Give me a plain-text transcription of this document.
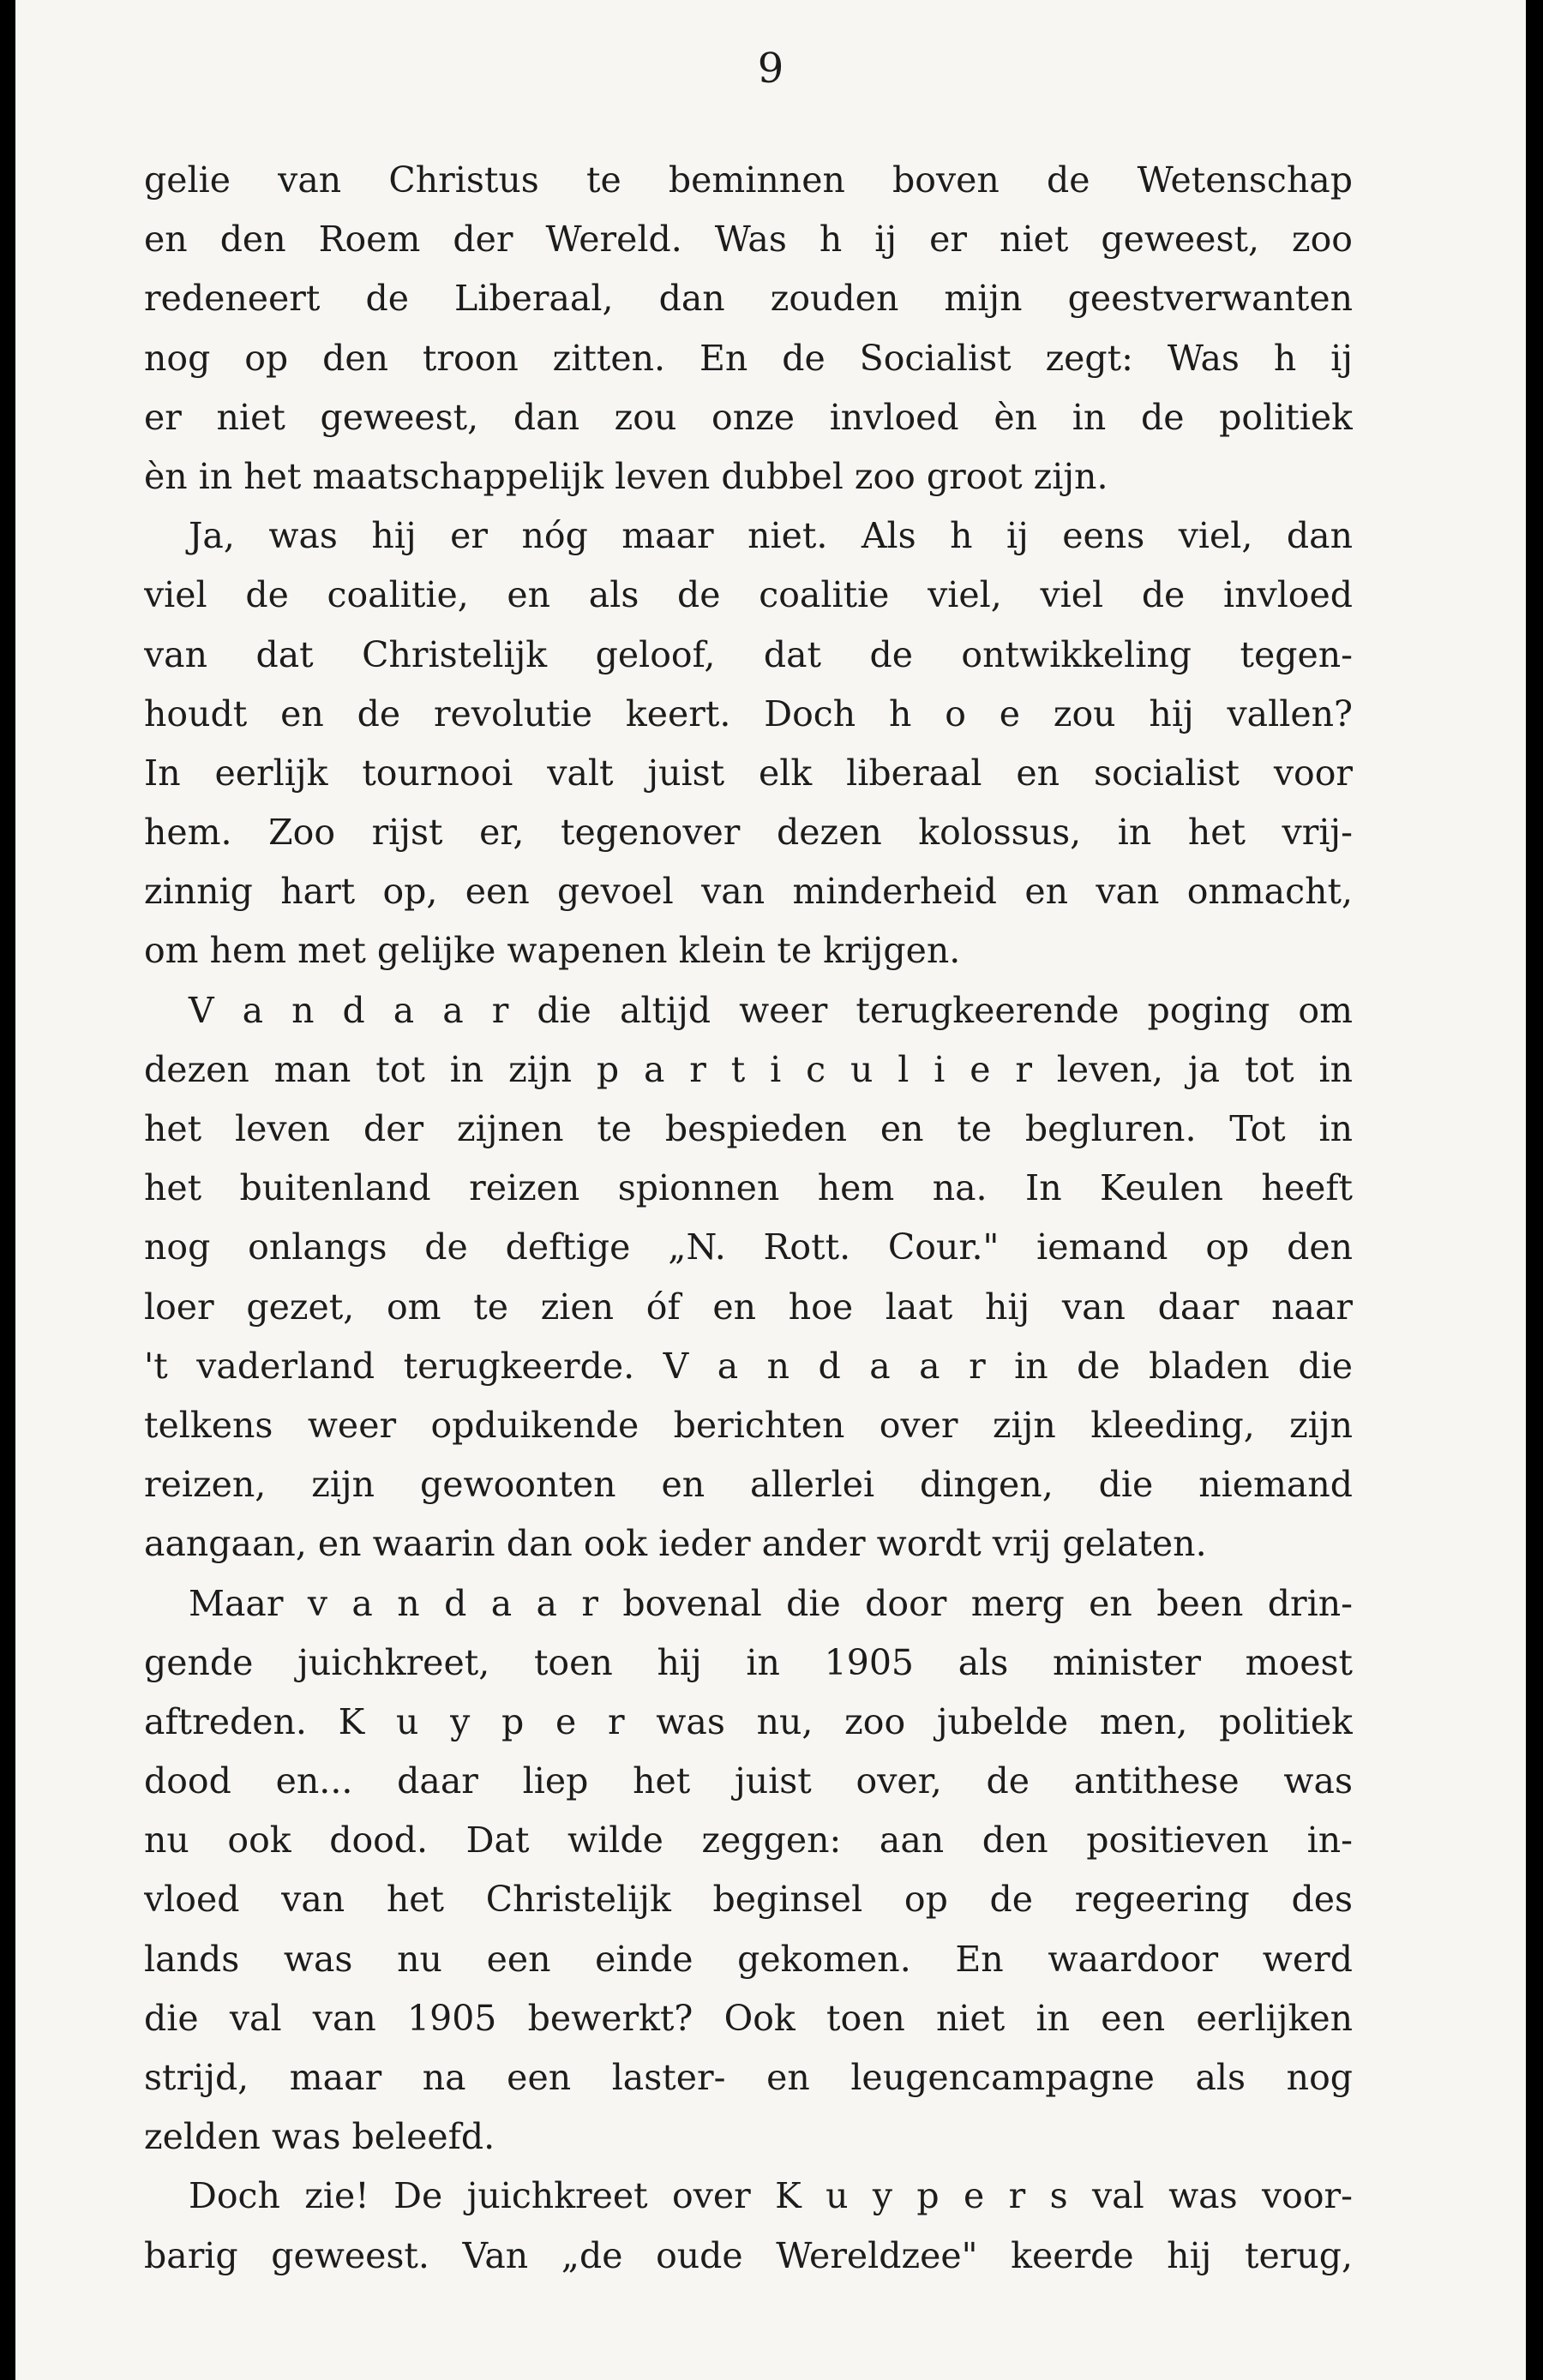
9
gelie van Christus te beminnen boven de Wetenschap
en den Roem der Wereld. Was h ij er niet geweest, zoo
redeneert de Liberaal, dan zouden mijn geestverwanten
nog op den troon zitten. En de Socialist zegt: Was h ij
er niet geweest, dan zou onze invloed èn in de politiek
èn in het maatschappelijk leven dubbel zoo groot zijn.
Ja, was hij er nóg maar niet. Als h ij eens viel, dan
viel de coalitie, en als de coalitie viel, viel de invloed
van dat Christelijk geloof, dat de ontwikkeling tegen-
houdt en de revolutie keert. Doch h o e zou hij vallen?
In eerlijk tournooi valt juist elk liberaal en socialist voor
hem. Zoo rijst er, tegenover dezen kolossus, in het vrij-
zinnig hart op, een gevoel van minderheid en van onmacht,
om hem met gelijke wapenen klein te krijgen.
V a n d a a r die altijd weer terugkeerende poging om
dezen man tot in zijn p a r t i c u l i e r leven, ja tot in
het leven der zijnen te bespieden en te begluren. Tot in
het buitenland reizen spionnen hem na. In Keulen heeft
nog onlangs de deftige „N. Rott. Cour." iemand op den
loer gezet, om te zien óf en hoe laat hij van daar naar
't vaderland terugkeerde. V a n d a a r in de bladen die
telkens weer opduikende berichten over zijn kleeding, zijn
reizen, zijn gewoonten en allerlei dingen, die niemand
aangaan, en waarin dan ook ieder ander wordt vrij gelaten.
Maar v a n d a a r bovenal die door merg en been drin-
gende juichkreet, toen hij in 1905 als minister moest
aftreden. K u y p e r was nu, zoo jubelde men, politiek
dood en... daar liep het juist over, de antithese was
nu ook dood. Dat wilde zeggen: aan den positieven in-
vloed van het Christelijk beginsel op de regeering des
lands was nu een einde gekomen. En waardoor werd
die val van 1905 bewerkt? Ook toen niet in een eerlijken
strijd, maar na een laster- en leugencampagne als nog
zelden was beleefd.
Doch zie! De juichkreet over K u y p e r s val was voor-
barig geweest. Van „de oude Wereldzee" keerde hij terug,
